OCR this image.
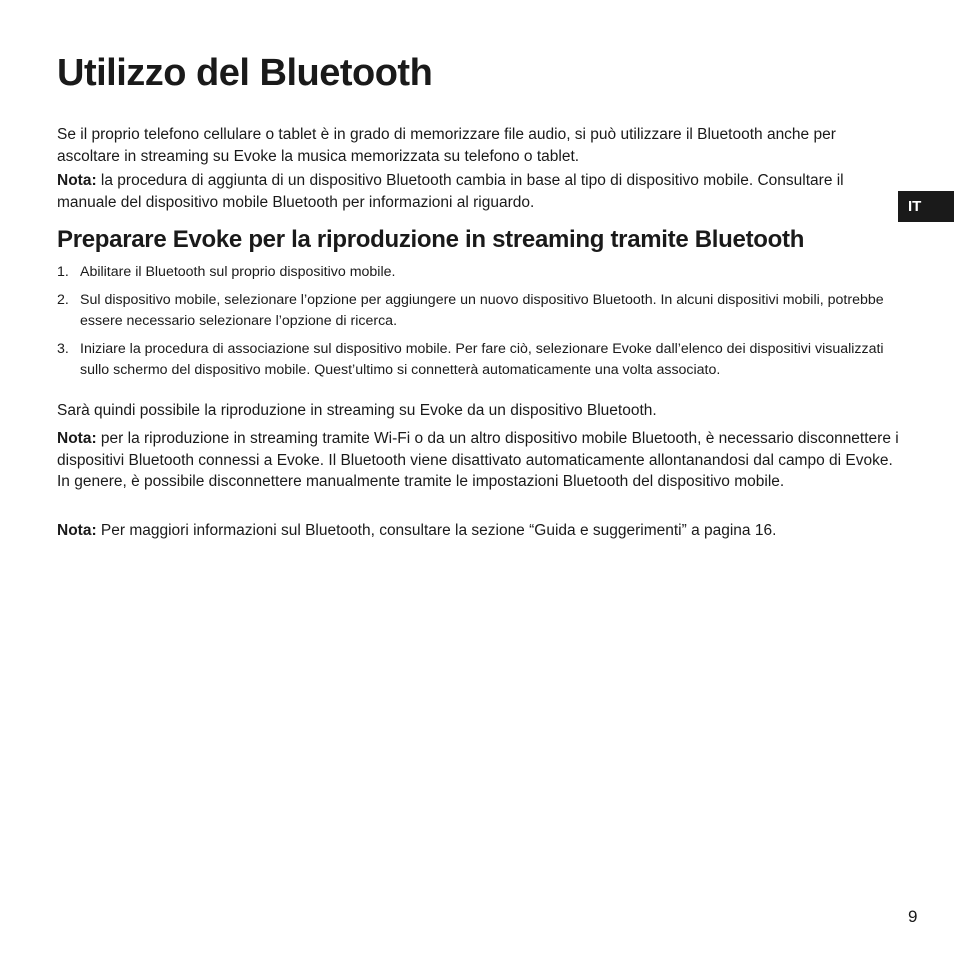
Utilizzo del Bluetooth
IT

Se il proprio telefono cellulare o tablet è in grado di memorizzare file audio, si può utilizzare il Bluetooth anche per ascoltare in streaming su Evoke la musica memorizzata su telefono o tablet.

Nota: la procedura di aggiunta di un dispositivo Bluetooth cambia in base al tipo di dispositivo mobile. Consultare il manuale del dispositivo mobile Bluetooth per informazioni al riguardo.

Preparare Evoke per la riproduzione in streaming tramite Bluetooth
1. Abilitare il Bluetooth sul proprio dispositivo mobile.
2. Sul dispositivo mobile, selezionare l’opzione per aggiungere un nuovo dispositivo Bluetooth. In alcuni dispositivi mobili, potrebbe essere necessario selezionare l’opzione di ricerca.
3. Iniziare la procedura di associazione sul dispositivo mobile. Per fare ciò, selezionare Evoke dall’elenco dei dispositivi visualizzati sullo schermo del dispositivo mobile. Quest’ultimo si connetterà automaticamente una volta associato.

Sarà quindi possibile la riproduzione in streaming su Evoke da un dispositivo Bluetooth.

Nota: per la riproduzione in streaming tramite Wi-Fi o da un altro dispositivo mobile Bluetooth, è necessario disconnettere i dispositivi Bluetooth connessi a Evoke. Il Bluetooth viene disattivato automaticamente allontanandosi dal campo di Evoke. In genere, è possibile disconnettere manualmente tramite le impostazioni Bluetooth del dispositivo mobile.

Nota: Per maggiori informazioni sul Bluetooth, consultare la sezione “Guida e suggerimenti” a pagina 16.

9
